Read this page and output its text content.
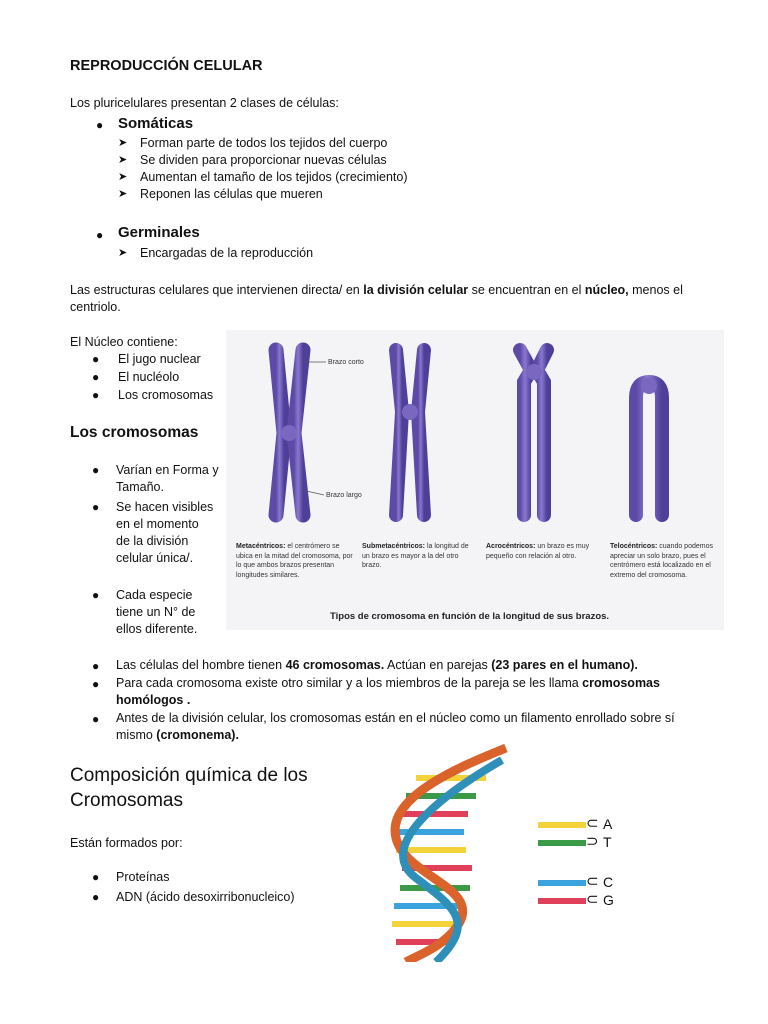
REPRODUCCIÓN CELULAR
Los pluricelulares presentan 2 clases de células:
● Somáticas
➤ Forman parte de todos los tejidos del cuerpo
➤ Se dividen para proporcionar nuevas células
➤ Aumentan el tamaño de los tejidos (crecimiento)
➤ Reponen las células que mueren
● Germinales
➤ Encargadas de la reproducción
Las estructuras celulares que intervienen directa/ en la división celular se encuentran en el núcleo, menos el
centriolo.
El Núcleo contiene:
● El jugo nuclear
● El nucléolo
● Los cromosomas
Los cromosomas
● Varían en Forma y
Tamaño.
● Se hacen visibles
en el momento
de la división
celular única/.
● Cada especie
tiene un N° de
ellos diferente.
Brazo corto
Brazo largo
Metacéntricos: el centrómero se ubica en la mitad del cromosoma, por lo que ambos brazos presentan longitudes similares.
Submetacéntricos: la longitud de un brazo es mayor a la del otro brazo.
Acrocéntricos: un brazo es muy pequeño con relación al otro.
Telocéntricos: cuando podemos apreciar un solo brazo, pues el centrómero está localizado en el extremo del cromosoma.
Tipos de cromosoma en función de la longitud de sus brazos.
● Las células del hombre tienen 46 cromosomas. Actúan en parejas (23 pares en el humano).
● Para cada cromosoma existe otro similar y a los miembros de la pareja se les llama cromosomas
homólogos .
● Antes de la división celular, los cromosomas están en el núcleo como un filamento enrollado sobre sí
mismo (cromonema).
Composición química de los
Cromosomas
Están formados por:
● Proteínas
● ADN (ácido desoxirribonucleico)
⊂ A
⊃ T
⊂ C
⊂ G
